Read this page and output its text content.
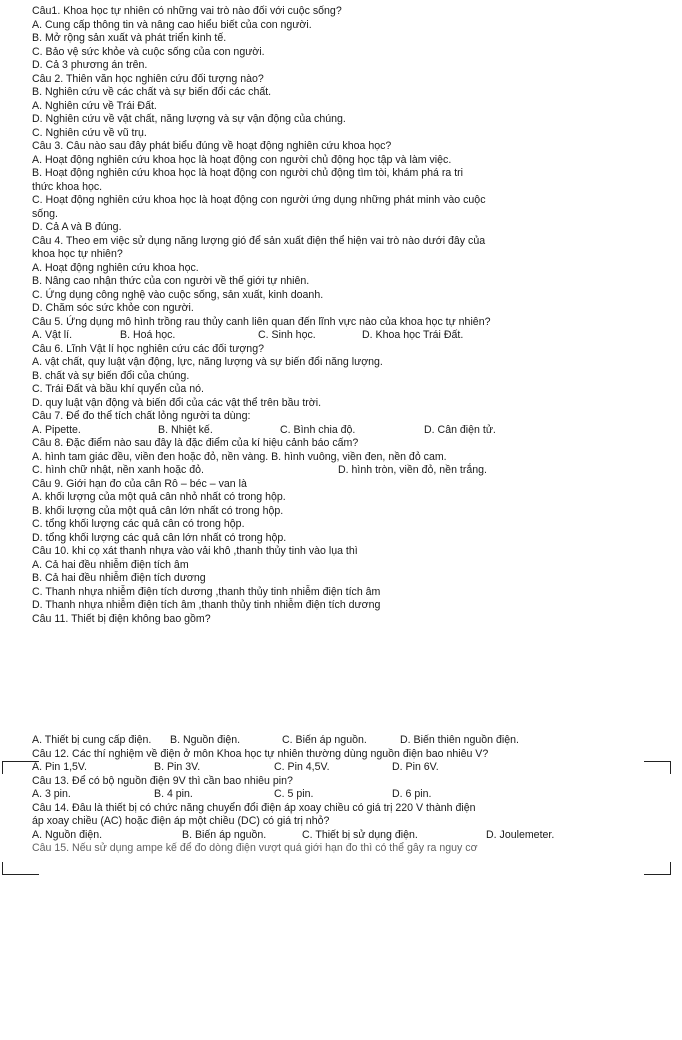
Câu1. Khoa học tự nhiên có những vai trò nào đối với cuộc sống?
A. Cung cấp thông tin và nâng cao hiểu biết của con người.
B. Mở rộng sản xuất và phát triển kinh tế.
C. Bảo vệ sức khỏe và cuộc sống của con người.
D. Cả 3 phương án trên.
Câu 2. Thiên văn học nghiên cứu đối tượng nào?
B. Nghiên cứu về các chất và sự biến đổi các chất.
A. Nghiên cứu về Trái Đất.
D. Nghiên cứu về vật chất, năng lượng và sự vận động của chúng.
C. Nghiên cứu về vũ trụ.
Câu 3. Câu nào sau đây phát biểu đúng về hoạt động nghiên cứu khoa học?
A. Hoạt động nghiên cứu khoa học là hoạt động con người chủ động học tập và làm việc.
B. Hoạt động nghiên cứu khoa học là hoạt động con người chủ động tìm tòi, khám phá ra tri
thức khoa học.
C. Hoạt động nghiên cứu khoa học là hoạt động con người ứng dụng những phát minh vào cuộc
sống.
D. Cả A và B đúng.
Câu 4. Theo em việc sử dụng năng lượng gió để sản xuất điện thể hiện vai trò nào dưới đây của
khoa học tự nhiên?
A. Hoạt động nghiên cứu khoa học.
B. Nâng cao nhận thức của con người về thế giới tự nhiên.
C. Ứng dụng công nghệ vào cuộc sống, sản xuất, kinh doanh.
D. Chăm sóc sức khỏe con người.
Câu 5. Ứng dụng mô hình trồng rau thủy canh liên quan đến lĩnh vực nào của khoa học tự nhiên?
A. Vật lí.	B. Hoá học.	C. Sinh học.	D. Khoa học Trái Đất.
Câu 6. Lĩnh Vật lí học nghiên cứu các đối tượng?
A. vật chất, quy luật vận động, lực, năng lượng và sự biến đổi năng lượng.
B. chất và sự biến đổi của chúng.
C. Trái Đất và bầu khí quyển của nó.
D. quy luật vận động và biến đổi của các vật thể trên bầu trời.
Câu 7. Để đo thể tích chất lỏng người ta dùng:
A. Pipette.	B. Nhiệt kế.	C. Bình chia độ.	D. Cân điện tử.
Câu 8. Đặc điểm nào sau đây là đặc điểm của kí hiệu cảnh báo cấm?
A. hình tam giác đều, viền đen hoặc đỏ, nền vàng. B. hình vuông, viền đen, nền đỏ cam.
C. hình chữ nhật, nền xanh hoặc đỏ.	D. hình tròn, viền đỏ, nền trắng.
Câu 9. Giới hạn đo của cân Rô – béc – van là
A. khối lượng của một quả cân nhỏ nhất có trong hộp.
B. khối lượng của một quả cân lớn nhất có trong hộp.
C. tổng khối lượng các quả cân có trong hộp.
D. tổng khối lượng các quả cân lớn nhất có trong hộp.
Câu 10. khi cọ xát thanh nhựa vào vải khô ,thanh thủy tinh vào lụa thì
A. Cả hai đều nhiễm điện tích âm
B. Cả hai đều nhiễm điện tích dương
C. Thanh nhựa nhiễm điện tích dương ,thanh thủy tinh nhiễm điện tích âm
D. Thanh nhựa nhiễm điện tích âm ,thanh thủy tinh nhiễm điện tích dương
Câu 11. Thiết bị điện không bao gồm?
A. Thiết bị cung cấp điện.	B. Nguồn điện.	C. Biến áp nguồn.	D. Biến thiên nguồn điện.
Câu 12. Các thí nghiệm về điện ở môn Khoa học tự nhiên thường dùng nguồn điện bao nhiêu V?
A. Pin 1,5V.	B. Pin 3V.	C. Pin 4,5V.	D. Pin 6V.
Câu 13. Để có bộ nguồn điện 9V thì cần bao nhiêu pin?
A. 3 pin.	B. 4 pin.	C. 5 pin.	D. 6 pin.
Câu 14. Đâu là thiết bị có chức năng chuyển đổi điện áp xoay chiều có giá trị 220 V thành điện
áp xoay chiều (AC) hoặc điện áp một chiều (DC) có giá trị nhỏ?
A. Nguồn điện.	B. Biến áp nguồn.	C. Thiết bị sử dụng điện.	D. Joulemeter.
Câu 15. Nếu sử dụng ampe kế để đo dòng điện vượt quá giới hạn đo thì có thể gây ra nguy cơ
